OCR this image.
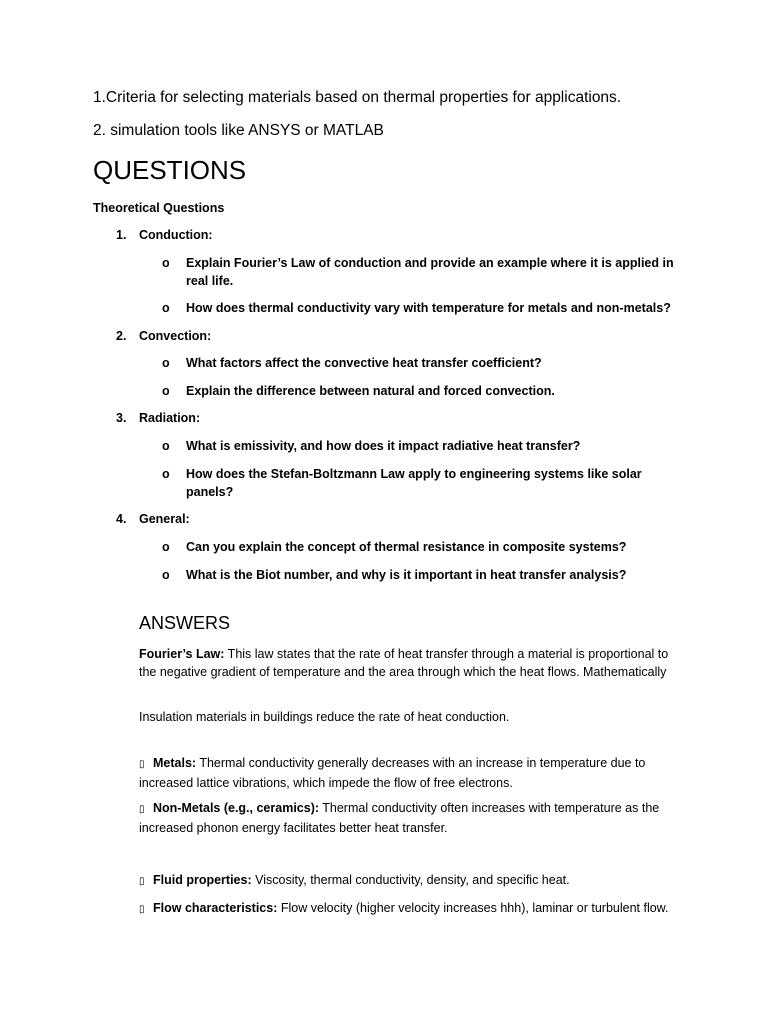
1.Criteria for selecting materials based on thermal properties for applications.
2. simulation tools like ANSYS or MATLAB
QUESTIONS
Theoretical Questions
1. Conduction:
o Explain Fourier’s Law of conduction and provide an example where it is applied in real life.
o How does thermal conductivity vary with temperature for metals and non-metals?
2. Convection:
o What factors affect the convective heat transfer coefficient?
o Explain the difference between natural and forced convection.
3. Radiation:
o What is emissivity, and how does it impact radiative heat transfer?
o How does the Stefan-Boltzmann Law apply to engineering systems like solar panels?
4. General:
o Can you explain the concept of thermal resistance in composite systems?
o What is the Biot number, and why is it important in heat transfer analysis?
ANSWERS
Fourier’s Law: This law states that the rate of heat transfer through a material is proportional to the negative gradient of temperature and the area through which the heat flows. Mathematically
Insulation materials in buildings reduce the rate of heat conduction.
▯ Metals: Thermal conductivity generally decreases with an increase in temperature due to increased lattice vibrations, which impede the flow of free electrons.
▯ Non-Metals (e.g., ceramics): Thermal conductivity often increases with temperature as the increased phonon energy facilitates better heat transfer.
▯ Fluid properties: Viscosity, thermal conductivity, density, and specific heat.
▯ Flow characteristics: Flow velocity (higher velocity increases hhh), laminar or turbulent flow.
